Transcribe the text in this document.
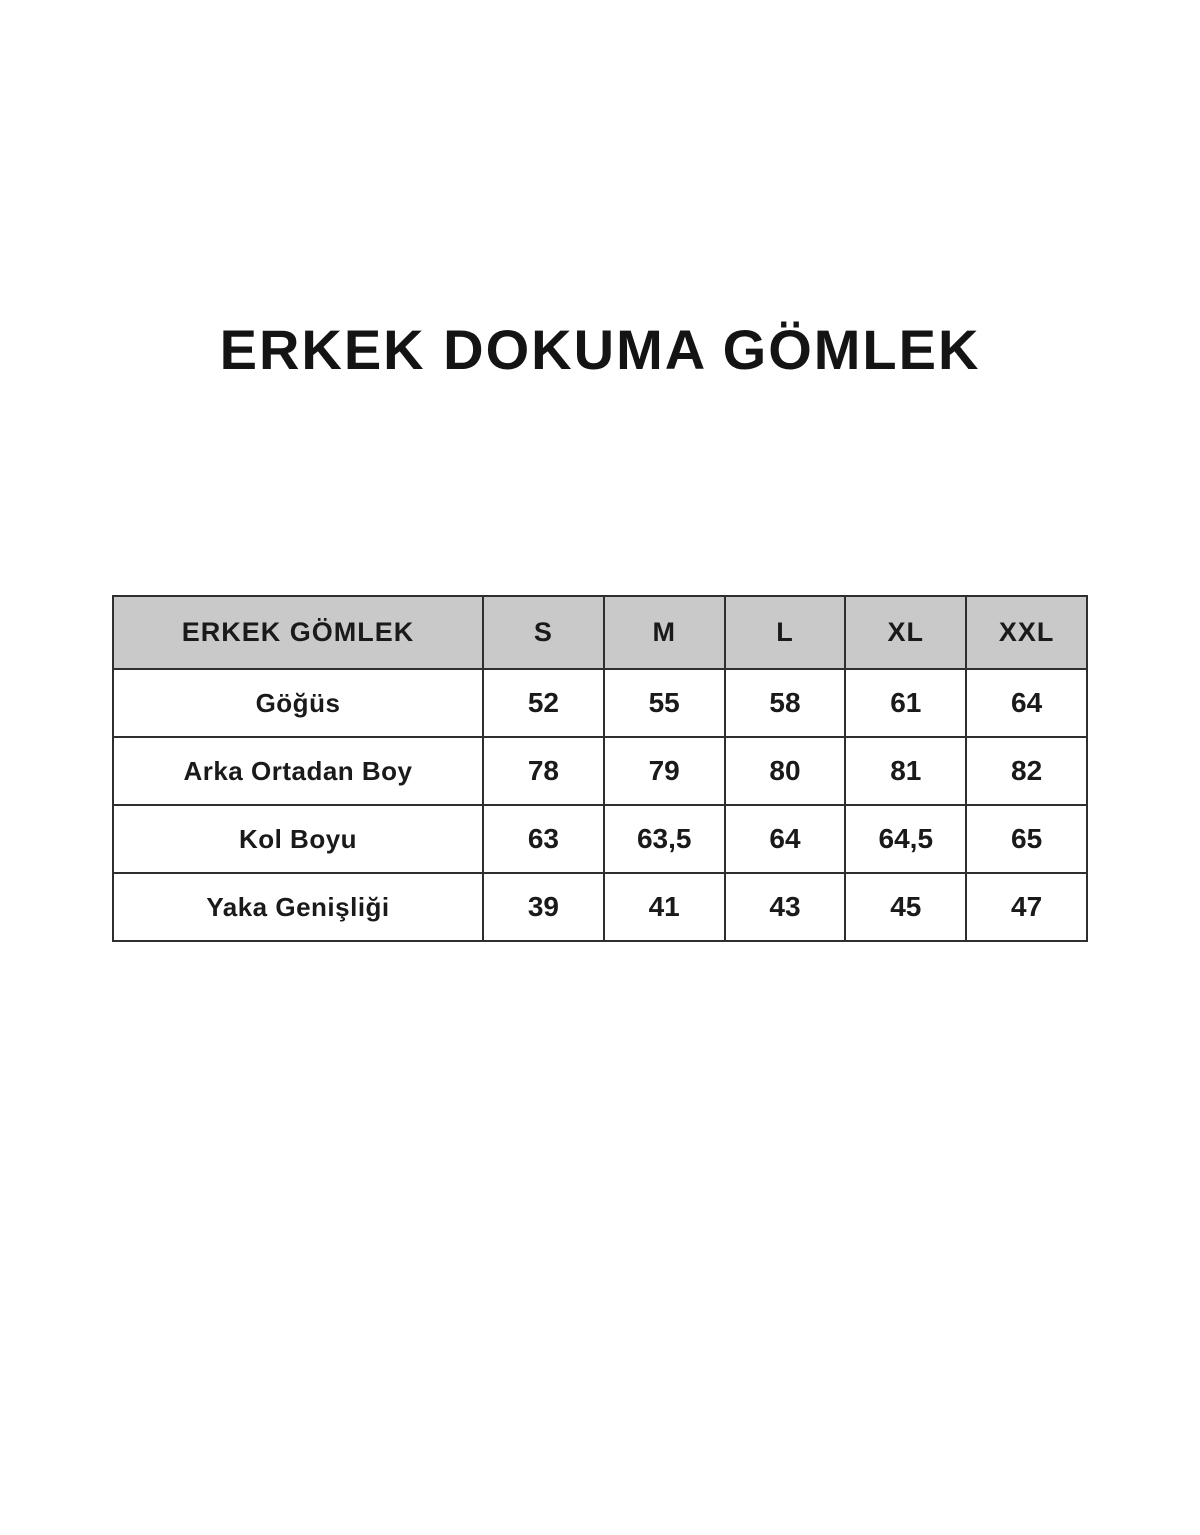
ERKEK DOKUMA GÖMLEK
ERKEK GÖMLEK	S	M	L	XL	XXL
Göğüs	52	55	58	61	64
Arka Ortadan Boy	78	79	80	81	82
Kol Boyu	63	63,5	64	64,5	65
Yaka Genişliği	39	41	43	45	47
